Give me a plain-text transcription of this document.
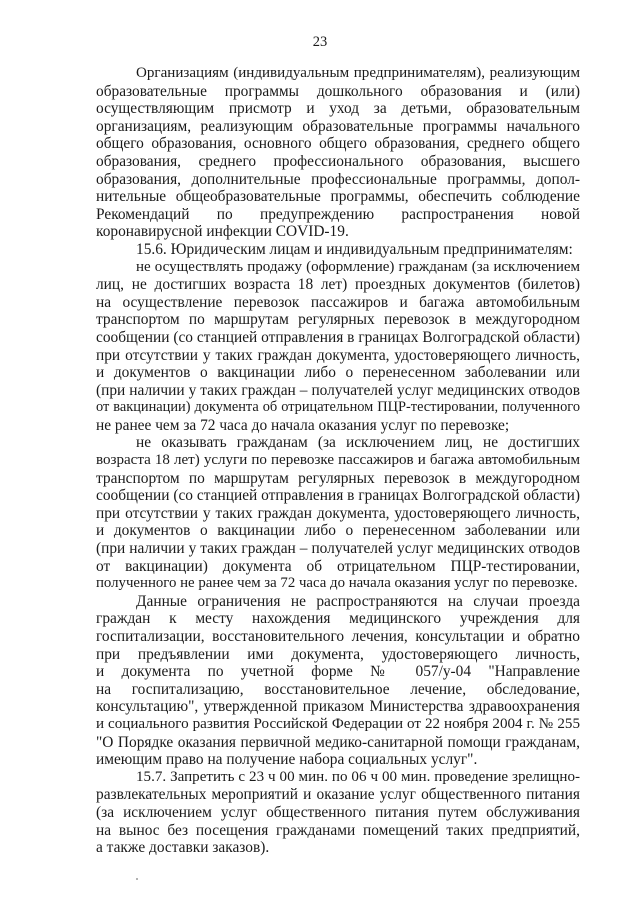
23

Организациям (индивидуальным предпринимателям), реализующим
образовательные программы дошкольного образования и (или)
осуществляющим присмотр и уход за детьми, образовательным
организациям, реализующим образовательные программы начального
общего образования, основного общего образования, среднего общего
образования, среднего профессионального образования, высшего
образования, дополнительные профессиональные программы, допол-
нительные общеобразовательные программы, обеспечить соблюдение
Рекомендаций по предупреждению распространения новой
коронавирусной инфекции COVID-19.

15.6. Юридическим лицам и индивидуальным предпринимателям:

не осуществлять продажу (оформление) гражданам (за исключением
лиц, не достигших возраста 18 лет) проездных документов (билетов)
на осуществление перевозок пассажиров и багажа автомобильным
транспортом по маршрутам регулярных перевозок в междугородном
сообщении (со станцией отправления в границах Волгоградской области)
при отсутствии у таких граждан документа, удостоверяющего личность,
и документов о вакцинации либо о перенесенном заболевании или
(при наличии у таких граждан – получателей услуг медицинских отводов
от вакцинации) документа об отрицательном ПЦР-тестировании, полученного
не ранее чем за 72 часа до начала оказания услуг по перевозке;

не оказывать гражданам (за исключением лиц, не достигших
возраста 18 лет) услуги по перевозке пассажиров и багажа автомобильным
транспортом по маршрутам регулярных перевозок в междугородном
сообщении (со станцией отправления в границах Волгоградской области)
при отсутствии у таких граждан документа, удостоверяющего личность,
и документов о вакцинации либо о перенесенном заболевании или
(при наличии у таких граждан – получателей услуг медицинских отводов
от вакцинации) документа об отрицательном ПЦР-тестировании,
полученного не ранее чем за 72 часа до начала оказания услуг по перевозке.

Данные ограничения не распространяются на случаи проезда
граждан к месту нахождения медицинского учреждения для
госпитализации, восстановительного лечения, консультации и обратно
при предъявлении ими документа, удостоверяющего личность,
и документа по учетной форме № 057/у-04 "Направление
на госпитализацию, восстановительное лечение, обследование,
консультацию", утвержденной приказом Министерства здравоохранения
и социального развития Российской Федерации от 22 ноября 2004 г. № 255
"О Порядке оказания первичной медико-санитарной помощи гражданам,
имеющим право на получение набора социальных услуг".

15.7. Запретить с 23 ч 00 мин. по 06 ч 00 мин. проведение зрелищно-
развлекательных мероприятий и оказание услуг общественного питания
(за исключением услуг общественного питания путем обслуживания
на вынос без посещения гражданами помещений таких предприятий,
а также доставки заказов).
